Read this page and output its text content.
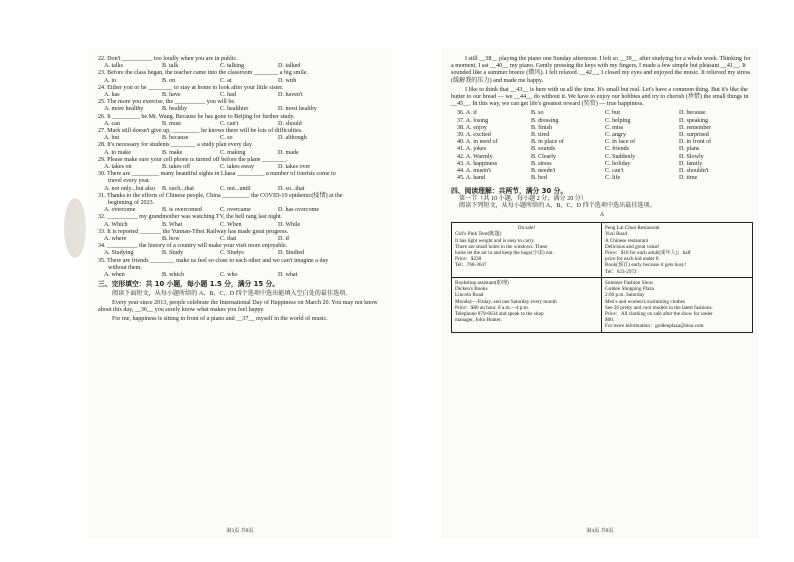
22. Don't __________ too loudly when you are in public.
A. talks	B. talk	C. talking	D. talked
23. Before the class began, the teacher came into the classroom ________ a big smile.
A. to	B. on	C. at	D. with
24. Either you or he ________ to stay at home to look after your little sister.
A. has	B. have	C. had	D. haven't
25. The more you exercise, the __________ you will be.
A. more healthy	B. healthy	C. healthier	D. most healthy
26. It _________ be Mr. Wang. Because he has gone to Beijing for further study.
A. can	B. must	C. can't	D. should
27. Mark still doesn't give up, _________ he knows there will be lots of difficulties.
A. but	B. because	C. so	D. although
28. It's necessary for students ________ a study plan every day.
A. to make	B. make	C. making	D. made
29. Please make sure your cell phone is turned off before the plane ________.
A. takes on	B. takes off	C. takes away	D. takes over
30. There are _________ many beautiful sights in Lhasa _________ a number of tourists come to
travel every year.
A. not only...but also	B. such...that	C. not...until	D. so...that
31. Thanks to the efforts of Chinese people, China _________ the COVID-19 epidemic(疫情) at the
beginning of 2023.
A. overcome	B. is overcomed	C. overcame	D. has overcome
32. __________ my grandmother was watching TV, the bell rang last night.
A. Which	B. What	C. When	D. While
33. It is reported _______ the Yunnan-Tibet Railway has made great progress.
A. where	B. how	C. that	D. if
34. __________ the history of a country will make your visit more enjoyable.
A. Studying	B. Study	C. Studys	D. Studied
35. There are friends ________ make us feel so close to each other and we can't imagine a day
without them.
A. when	B. which	C. who	D. what
三、完形填空：共 10 小题，每小题 1.5 分，满分 15 分。
阅读下面短文，从每小题所给的 A、B、C、D 四个选项中选出能填入空白处的最佳选项。
Every year since 2013, people celebrate the International Day of Happiness on March 20. You may not know about this day, __36__ you surely know what makes you feel happy.
For me, happiness is sitting in front of a piano and __37__ myself in the world of music.
第3页 共8页
I still __38__ playing the piano one Sunday afternoon. I felt so __39__ after studying for a whole week. Thinking for a moment, I sat __40__ my piano. Gently pressing the keys with my fingers, I made a few simple but pleasant __41__. It sounded like a summer breeze (微风). I felt relaxed. __42__, I closed my eyes and enjoyed the music. It relieved my stress (缓解我的压力) and made me happy.
I like to think that __43__ is here with us all the time. It's small but real. Let's have a common thing. But it's like the butter to our bread — we __44__ do without it. We have to enjoy our hobbies and try to cherish (珍惜) the small things in __45__. In this way, we can get life's greatest reward (奖赏) — true happiness.
36. A. if	B. so	C. but	D. because
37. A. losing	B. dressing	C. helping	D. speaking
38. A. enjoy	B. finish	C. miss	D. remember
39. A. excited	B. tired	C. angry	D. surprised
40. A. in need of	B. in place of	C. in face of	D. in front of
41. A. jokes	B. sounds	C. friends	D. plans
42. A. Warmly	B. Clearly	C. Suddenly	D. Slowly
43. A. happiness	B. stress	C. holiday	D. family
44. A. mustn't	B. needn't	C. can't	D. shouldn't
45. A. hand	B. bed	C. life	D. time
四、阅读理解：共两节，满分 30 分。
第一节（共 10 小题，每小题 2 分，满分 20 分）
阅读下列短文，从每小题所给的 A、B、C、D 四个选项中选出最佳选项。
A
On sale!
Girl's Pink Tent(帐篷)
It has light weight and is easy to carry.
There are small holes in the windows. These
holes let the air in and keep the bugs(小虫) out.
Price：$230
Tel：768-3647
Peng Lai Chun Restaurant
Yuxi Road
A Chinese restaurant
Delicious and great value!
Price：$18 for each adult(成年人)；half
price for each kid under 8
Book(预订) early because it gets busy!
Tel：623-2972
Bookshop assistant(助理)
Dicken's Books
Lincoln Road
Monday—Friday, and one Saturday every month
Price：$80 an hour, 8 a.m.—4 p.m.
Telephone 879-6634 and speak to the shop
manager, John Hunter.
Summer Fashion Show
Golden Shopping Plaza
2:00 p.m. Saturday
Men's and women's swimming clothes
See 26 pretty and cool models in the latest fashions.
Price：All clothing on sale after the show for under
$60.
For more information：goldenplaza@sina.com
第4页 共8页
